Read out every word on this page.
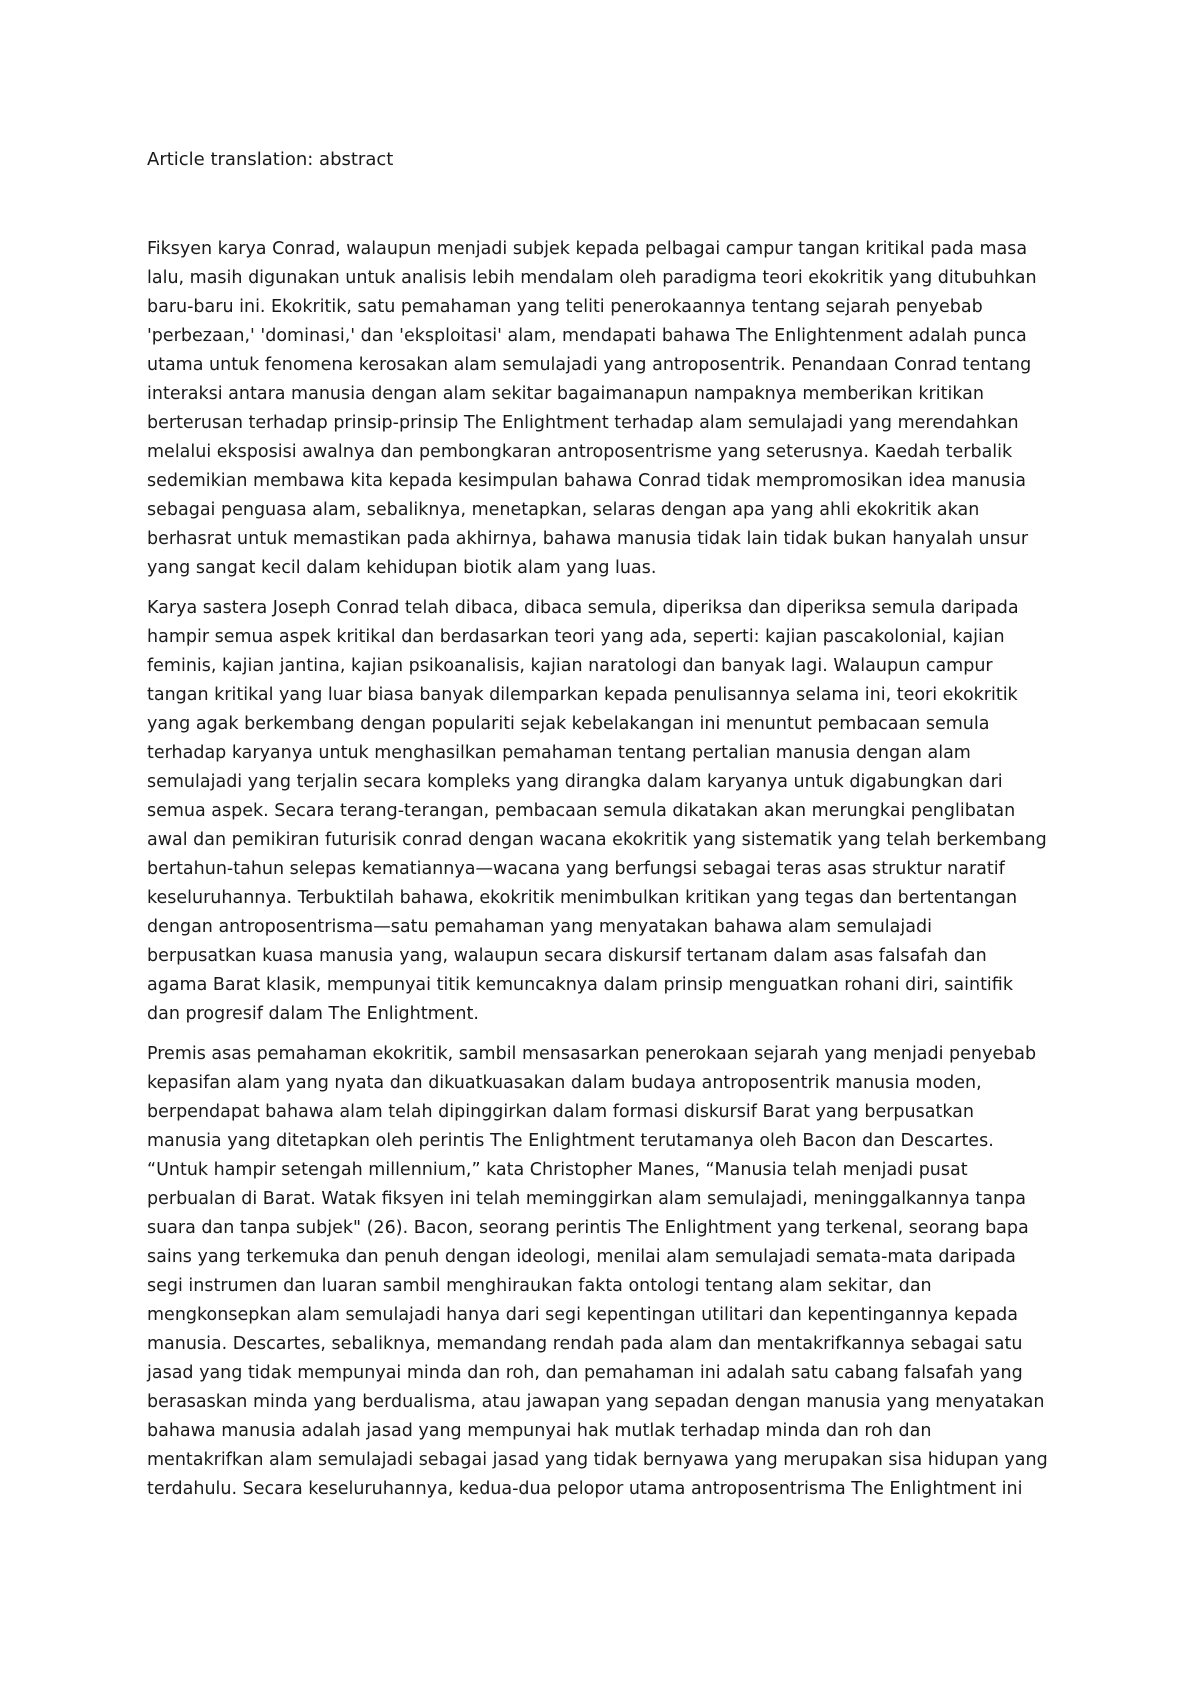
Article translation: abstract
Fiksyen karya Conrad, walaupun menjadi subjek kepada pelbagai campur tangan kritikal pada masa
lalu, masih digunakan untuk analisis lebih mendalam oleh paradigma teori ekokritik yang ditubuhkan
baru-baru ini. Ekokritik, satu pemahaman yang teliti penerokaannya tentang sejarah penyebab
'perbezaan,' 'dominasi,' dan 'eksploitasi' alam, mendapati bahawa The Enlightenment adalah punca
utama untuk fenomena kerosakan alam semulajadi yang antroposentrik. Penandaan Conrad tentang
interaksi antara manusia dengan alam sekitar bagaimanapun nampaknya memberikan kritikan
berterusan terhadap prinsip-prinsip The Enlightment terhadap alam semulajadi yang merendahkan
melalui eksposisi awalnya dan pembongkaran antroposentrisme yang seterusnya. Kaedah terbalik
sedemikian membawa kita kepada kesimpulan bahawa Conrad tidak mempromosikan idea manusia
sebagai penguasa alam, sebaliknya, menetapkan, selaras dengan apa yang ahli ekokritik akan
berhasrat untuk memastikan pada akhirnya, bahawa manusia tidak lain tidak bukan hanyalah unsur
yang sangat kecil dalam kehidupan biotik alam yang luas.
Karya sastera Joseph Conrad telah dibaca, dibaca semula, diperiksa dan diperiksa semula daripada
hampir semua aspek kritikal dan berdasarkan teori yang ada, seperti: kajian pascakolonial, kajian
feminis, kajian jantina, kajian psikoanalisis, kajian naratologi dan banyak lagi. Walaupun campur
tangan kritikal yang luar biasa banyak dilemparkan kepada penulisannya selama ini, teori ekokritik
yang agak berkembang dengan populariti sejak kebelakangan ini menuntut pembacaan semula
terhadap karyanya untuk menghasilkan pemahaman tentang pertalian manusia dengan alam
semulajadi yang terjalin secara kompleks yang dirangka dalam karyanya untuk digabungkan dari
semua aspek. Secara terang-terangan, pembacaan semula dikatakan akan merungkai penglibatan
awal dan pemikiran futurisik conrad dengan wacana ekokritik yang sistematik yang telah berkembang
bertahun-tahun selepas kematiannya—wacana yang berfungsi sebagai teras asas struktur naratif
keseluruhannya. Terbuktilah bahawa, ekokritik menimbulkan kritikan yang tegas dan bertentangan
dengan antroposentrisma—satu pemahaman yang menyatakan bahawa alam semulajadi
berpusatkan kuasa manusia yang, walaupun secara diskursif tertanam dalam asas falsafah dan
agama Barat klasik, mempunyai titik kemuncaknya dalam prinsip menguatkan rohani diri, saintifik
dan progresif dalam The Enlightment.
Premis asas pemahaman ekokritik, sambil mensasarkan penerokaan sejarah yang menjadi penyebab
kepasifan alam yang nyata dan dikuatkuasakan dalam budaya antroposentrik manusia moden,
berpendapat bahawa alam telah dipinggirkan dalam formasi diskursif Barat yang berpusatkan
manusia yang ditetapkan oleh perintis The Enlightment terutamanya oleh Bacon dan Descartes.
“Untuk hampir setengah millennium,” kata Christopher Manes, “Manusia telah menjadi pusat
perbualan di Barat. Watak fiksyen ini telah meminggirkan alam semulajadi, meninggalkannya tanpa
suara dan tanpa subjek" (26). Bacon, seorang perintis The Enlightment yang terkenal, seorang bapa
sains yang terkemuka dan penuh dengan ideologi, menilai alam semulajadi semata-mata daripada
segi instrumen dan luaran sambil menghiraukan fakta ontologi tentang alam sekitar, dan
mengkonsepkan alam semulajadi hanya dari segi kepentingan utilitari dan kepentingannya kepada
manusia. Descartes, sebaliknya, memandang rendah pada alam dan mentakrifkannya sebagai satu
jasad yang tidak mempunyai minda dan roh, dan pemahaman ini adalah satu cabang falsafah yang
berasaskan minda yang berdualisma, atau jawapan yang sepadan dengan manusia yang menyatakan
bahawa manusia adalah jasad yang mempunyai hak mutlak terhadap minda dan roh dan
mentakrifkan alam semulajadi sebagai jasad yang tidak bernyawa yang merupakan sisa hidupan yang
terdahulu. Secara keseluruhannya, kedua-dua pelopor utama antroposentrisma The Enlightment ini
